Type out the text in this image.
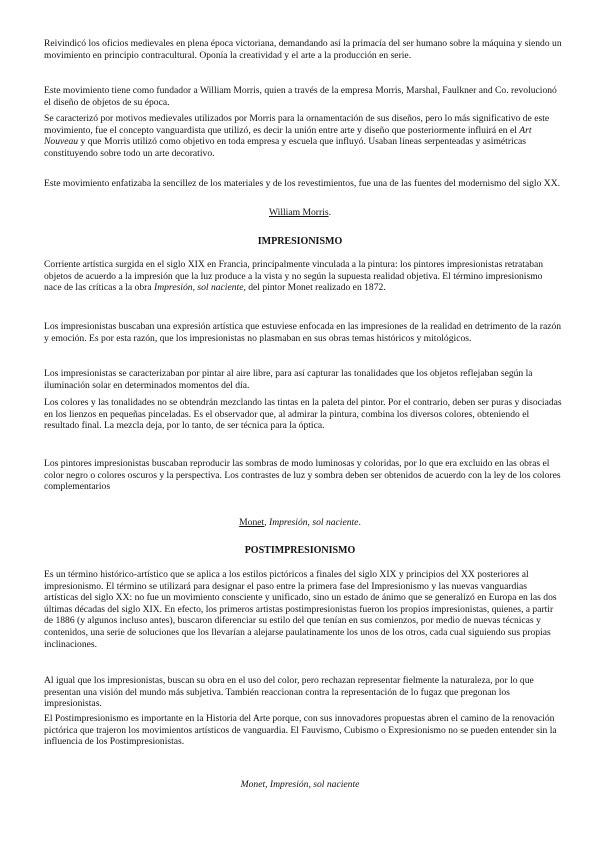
Reivindicó los oficios medievales en plena época victoriana, demandando así la primacía del ser humano sobre la máquina y siendo un movimiento en principio contracultural. Oponía la creatividad y el arte a la producción en serie.

Este movimiento tiene como fundador a William Morris, quien a través de la empresa Morris, Marshal, Faulkner and Co. revolucionó el diseño de objetos de su época.

Se caracterizó por motivos medievales utilizados por Morris para la ornamentación de sus diseños, pero lo más significativo de este movimiento, fue el concepto vanguardista que utilizó, es decir la unión entre arte y diseño que posteriormente influirá en el Art Nouveau y que Morris utilizó como objetivo en toda empresa y escuela que influyó. Usaban líneas serpenteadas y asimétricas constituyendo sobre todo un arte decorativo.

Este movimiento enfatizaba la sencillez de los materiales y de los revestimientos, fue una de las fuentes del modernismo del siglo XX.

William Morris.

IMPRESIONISMO

Corriente artística surgida en el siglo XIX en Francia, principalmente vinculada a la pintura: los pintores impresionistas retrataban objetos de acuerdo a la impresión que la luz produce a la vista y no según la supuesta realidad objetiva. El término impresionismo nace de las críticas a la obra Impresión, sol naciente, del pintor Monet realizado en 1872.

Los impresionistas buscaban una expresión artística que estuviese enfocada en las impresiones de la realidad en detrimento de la razón y emoción. Es por esta razón, que los impresionistas no plasmaban en sus obras temas históricos y mitológicos.

Los impresionistas se caracterizaban por pintar al aire libre, para así capturar las tonalidades que los objetos reflejaban según la iluminación solar en determinados momentos del día.

Los colores y las tonalidades no se obtendrán mezclando las tintas en la paleta del pintor. Por el contrario, deben ser puras y disociadas en los lienzos en pequeñas pinceladas. Es el observador que, al admirar la pintura, combina los diversos colores, obteniendo el resultado final. La mezcla deja, por lo tanto, de ser técnica para la óptica.

Los pintores impresionistas buscaban reproducir las sombras de modo luminosas y coloridas, por lo que era excluido en las obras el color negro o colores oscuros y la perspectiva. Los contrastes de luz y sombra deben ser obtenidos de acuerdo con la ley de los colores complementarios

Monet, Impresión, sol naciente.

POSTIMPRESIONISMO

Es un término histórico-artístico que se aplica a los estilos pictóricos a finales del siglo XIX y principios del XX posteriores al impresionismo. El término se utilizará para designar el paso entre la primera fase del Impresionismo y las nuevas vanguardias artísticas del siglo XX: no fue un movimiento consciente y unificado, sino un estado de ánimo que se generalizó en Europa en las dos últimas décadas del siglo XIX. En efecto, los primeros artistas postimpresionistas fueron los propios impresionistas, quienes, a partir de 1886 (y algunos incluso antes), buscaron diferenciar su estilo del que tenían en sus comienzos, por medio de nuevas técnicas y contenidos, una serie de soluciones que los llevarían a alejarse paulatinamente los unos de los otros, cada cual siguiendo sus propias inclinaciones.

Al igual que los impresionistas, buscan su obra en el uso del color, pero rechazan representar fielmente la naturaleza, por lo que presentan una visión del mundo más subjetiva. También reaccionan contra la representación de lo fugaz que pregonan los impresionistas.

El Postimpresionismo es importante en la Historia del Arte porque, con sus innovadores propuestas abren el camino de la renovación pictórica que trajeron los movimientos artísticos de vanguardia. El Fauvismo, Cubismo o Expresionismo no se pueden entender sin la influencia de los Postimpresionistas.

Monet, Impresión, sol naciente
